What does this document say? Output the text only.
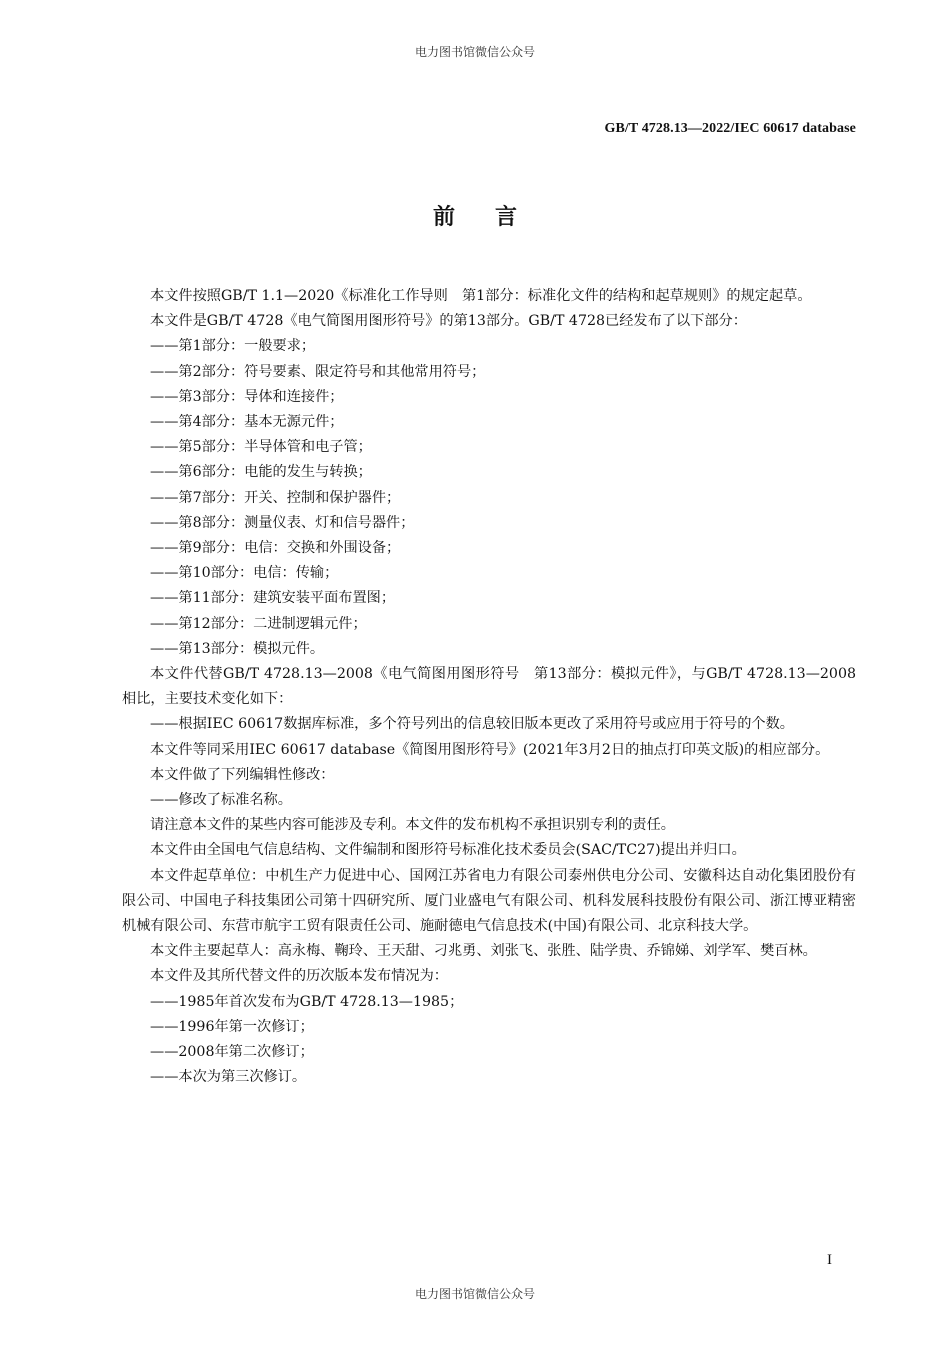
电力图书馆微信公众号
GB/T 4728.13—2022/IEC 60617 database
前言

本文件按照GB/T 1.1—2020《标准化工作导则　第1部分：标准化文件的结构和起草规则》的规定起草。

本文件是GB/T 4728《电气简图用图形符号》的第13部分。GB/T 4728已经发布了以下部分：

——第1部分：一般要求；

——第2部分：符号要素、限定符号和其他常用符号；

——第3部分：导体和连接件；

——第4部分：基本无源元件；

——第5部分：半导体管和电子管；

——第6部分：电能的发生与转换；

——第7部分：开关、控制和保护器件；

——第8部分：测量仪表、灯和信号器件；

——第9部分：电信：交换和外围设备；

——第10部分：电信：传输；

——第11部分：建筑安装平面布置图；

——第12部分：二进制逻辑元件；

——第13部分：模拟元件。

本文件代替GB/T 4728.13—2008《电气简图用图形符号　第13部分：模拟元件》，与GB/T 4728.13—2008相比，主要技术变化如下：

——根据IEC 60617数据库标准，多个符号列出的信息较旧版本更改了采用符号或应用于符号的个数。

本文件等同采用IEC 60617 database《简图用图形符号》(2021年3月2日的抽点打印英文版)的相应部分。

本文件做了下列编辑性修改：

——修改了标准名称。

请注意本文件的某些内容可能涉及专利。本文件的发布机构不承担识别专利的责任。

本文件由全国电气信息结构、文件编制和图形符号标准化技术委员会(SAC/TC27)提出并归口。

本文件起草单位：中机生产力促进中心、国网江苏省电力有限公司泰州供电分公司、安徽科达自动化集团股份有限公司、中国电子科技集团公司第十四研究所、厦门业盛电气有限公司、机科发展科技股份有限公司、浙江博亚精密机械有限公司、东营市航宇工贸有限责任公司、施耐德电气信息技术(中国)有限公司、北京科技大学。

本文件主要起草人：高永梅、鞠玲、王天甜、刁兆勇、刘张飞、张胜、陆学贵、乔锦娣、刘学军、樊百林。

本文件及其所代替文件的历次版本发布情况为：

——1985年首次发布为GB/T 4728.13—1985；

——1996年第一次修订；

——2008年第二次修订；

——本次为第三次修订。

I
电力图书馆微信公众号
